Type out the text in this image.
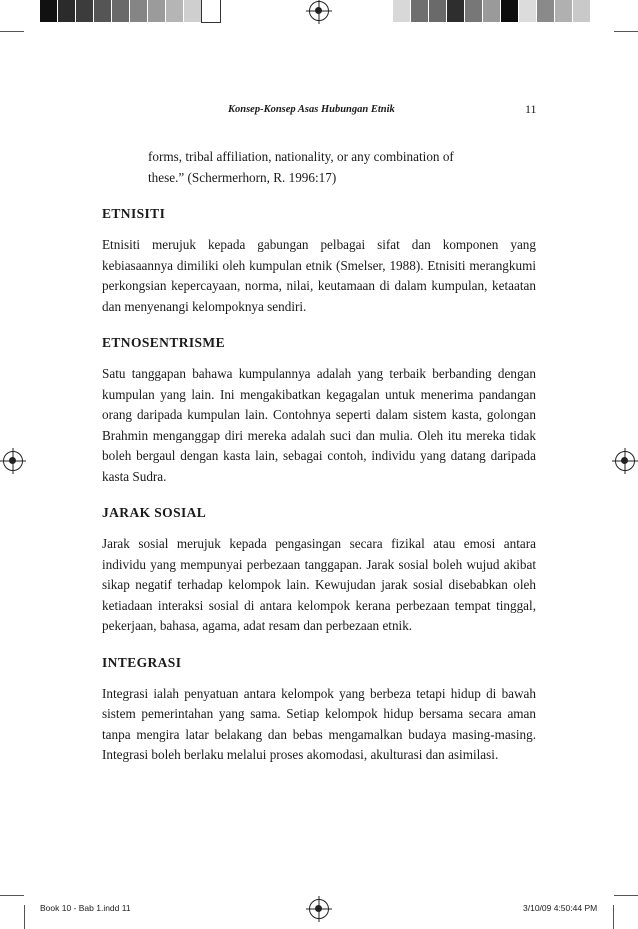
Konsep-Konsep Asas Hubungan Etnik	11
forms, tribal affiliation, nationality, or any combination of
these.” (Schermerhorn, R. 1996:17)
ETNISITI

Etnisiti merujuk kepada gabungan pelbagai sifat dan komponen yang kebiasaannya dimiliki oleh kumpulan etnik (Smelser, 1988). Etnisiti merangkumi perkongsian kepercayaan, norma, nilai, keutamaan di dalam kumpulan, ketaatan dan menyenangi kelompoknya sendiri.

ETNOSENTRISME

Satu tanggapan bahawa kumpulannya adalah yang terbaik berbanding dengan kumpulan yang lain. Ini mengakibatkan kegagalan untuk menerima pandangan orang daripada kumpulan lain. Contohnya seperti dalam sistem kasta, golongan Brahmin menganggap diri mereka adalah suci dan mulia. Oleh itu mereka tidak boleh bergaul dengan kasta lain, sebagai contoh, individu yang datang daripada kasta Sudra.

JARAK SOSIAL

Jarak sosial merujuk kepada pengasingan secara fizikal atau emosi antara individu yang mempunyai perbezaan tanggapan. Jarak sosial boleh wujud akibat sikap negatif terhadap kelompok lain. Kewujudan jarak sosial disebabkan oleh ketiadaan interaksi sosial di antara kelompok kerana perbezaan tempat tinggal, pekerjaan, bahasa, agama, adat resam dan perbezaan etnik.

INTEGRASI

Integrasi ialah penyatuan antara kelompok yang berbeza tetapi hidup di bawah sistem pemerintahan yang sama. Setiap kelompok hidup bersama secara aman tanpa mengira latar belakang dan bebas mengamalkan budaya masing-masing. Integrasi boleh berlaku melalui proses akomodasi, akulturasi dan asimilasi.

Book 10 - Bab 1.indd 11	3/10/09 4:50:44 PM
